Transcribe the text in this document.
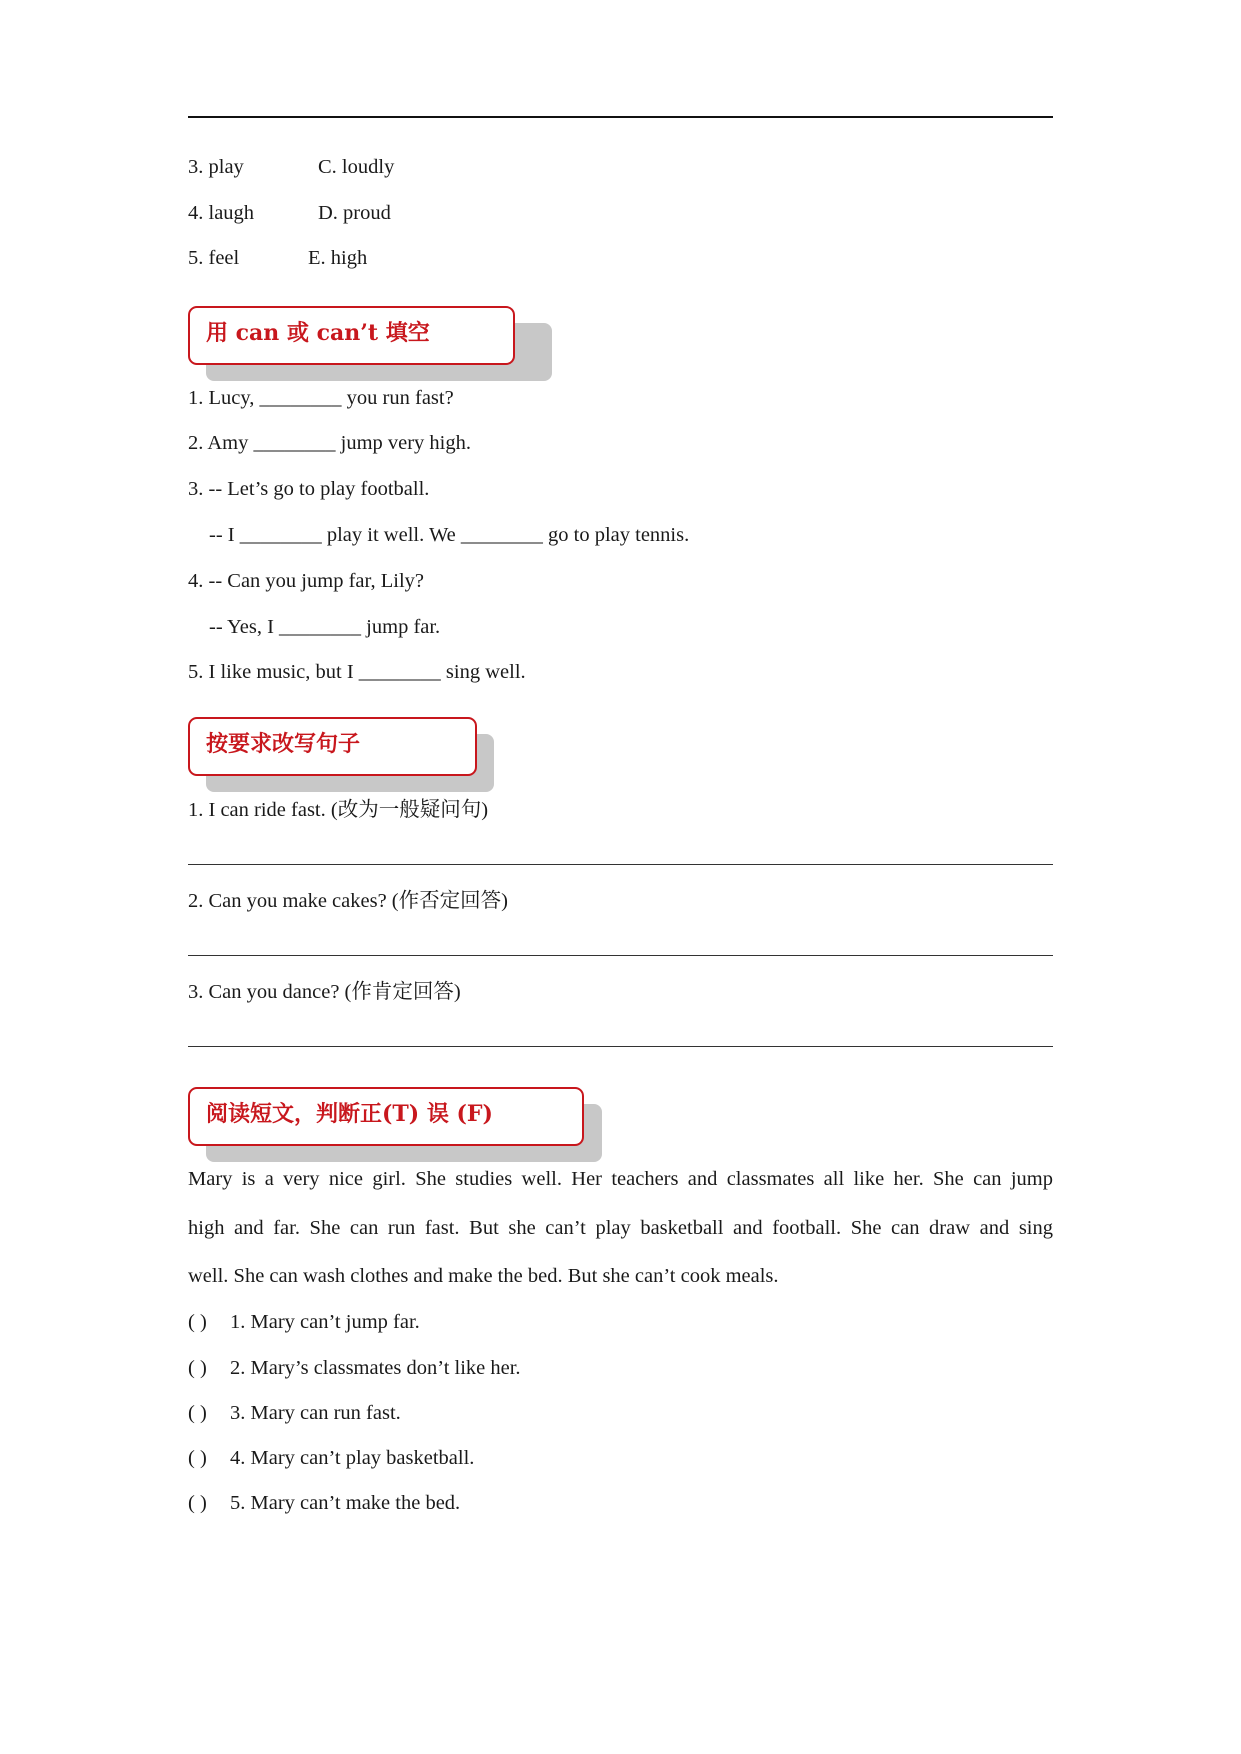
3. play	C. loudly
4. laugh	D. proud
5. feel	E. high
用 can 或 can’t 填空
1. Lucy, ________ you run fast?
2. Amy ________ jump very high.
3. -- Let’s go to play football.
-- I ________ play it well. We ________ go to play tennis.
4. -- Can you jump far, Lily?
-- Yes, I ________ jump far.
5. I like music, but I ________ sing well.
按要求改写句子
1. I can ride fast. (改为一般疑问句)
2. Can you make cakes? (作否定回答)
3. Can you dance? (作肯定回答)
阅读短文，判断正(T) 误 (F)
Mary is a very nice girl. She studies well. Her teachers and classmates all like her. She can jump
high and far. She can run fast. But she can’t play basketball and football. She can draw and sing
well. She can wash clothes and make the bed. But she can’t cook meals.
( ) 1. Mary can’t jump far.
( ) 2. Mary’s classmates don’t like her.
( ) 3. Mary can run fast.
( ) 4. Mary can’t play basketball.
( ) 5. Mary can’t make the bed.
